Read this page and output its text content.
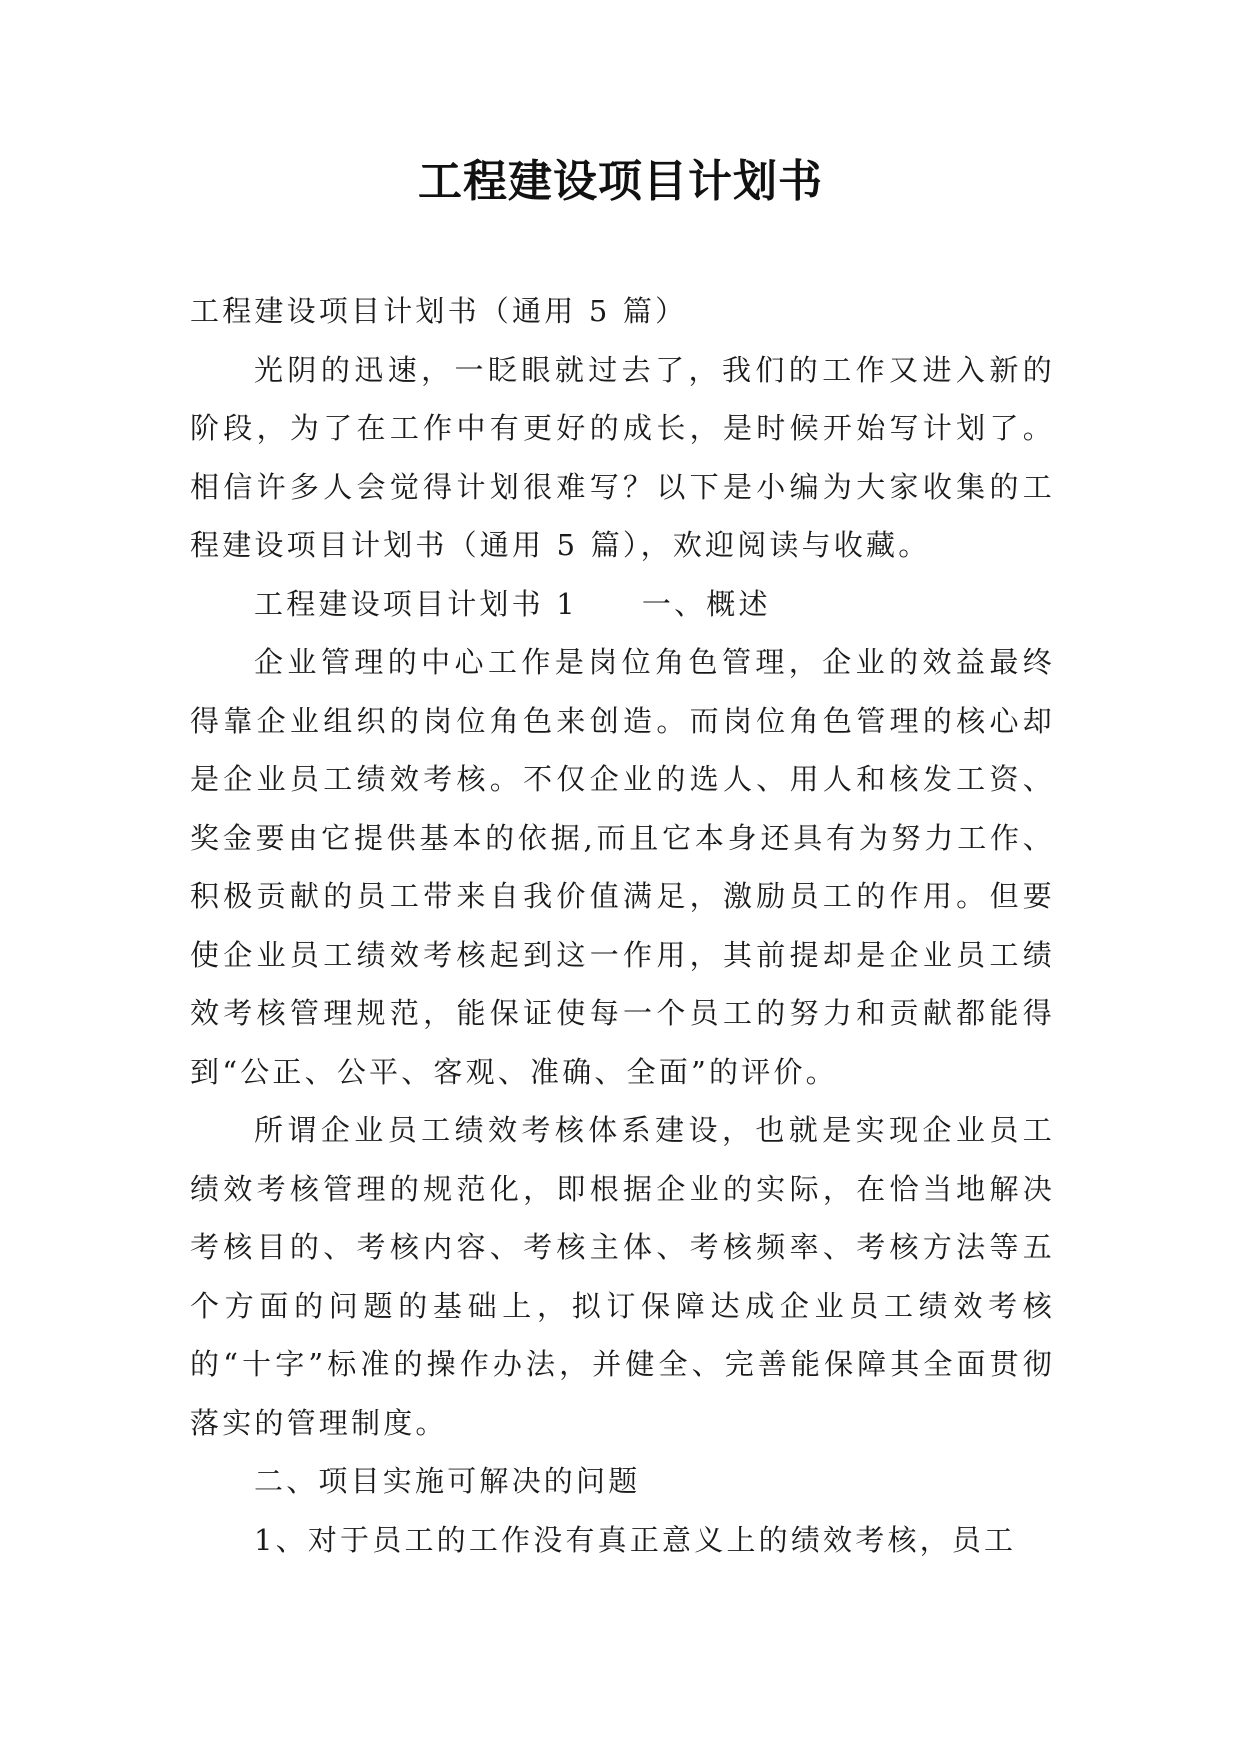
工程建设项目计划书

工程建设项目计划书（通用 5 篇）

光阴的迅速，一眨眼就过去了，我们的工作又进入新的阶段，为了在工作中有更好的成长，是时候开始写计划了。相信许多人会觉得计划很难写？以下是小编为大家收集的工程建设项目计划书（通用 5 篇），欢迎阅读与收藏。

工程建设项目计划书 1 一、概述

企业管理的中心工作是岗位角色管理，企业的效益最终得靠企业组织的岗位角色来创造。而岗位角色管理的核心却是企业员工绩效考核。不仅企业的选人、用人和核发工资、奖金要由它提供基本的依据,而且它本身还具有为努力工作、积极贡献的员工带来自我价值满足，激励员工的作用。但要使企业员工绩效考核起到这一作用，其前提却是企业员工绩效考核管理规范，能保证使每一个员工的努力和贡献都能得到“公正、公平、客观、准确、全面”的评价。

所谓企业员工绩效考核体系建设，也就是实现企业员工绩效考核管理的规范化，即根据企业的实际，在恰当地解决考核目的、考核内容、考核主体、考核频率、考核方法等五个方面的问题的基础上，拟订保障达成企业员工绩效考核的“十字”标准的操作办法，并健全、完善能保障其全面贯彻落实的管理制度。

二、项目实施可解决的问题

1、对于员工的工作没有真正意义上的绩效考核，员工
